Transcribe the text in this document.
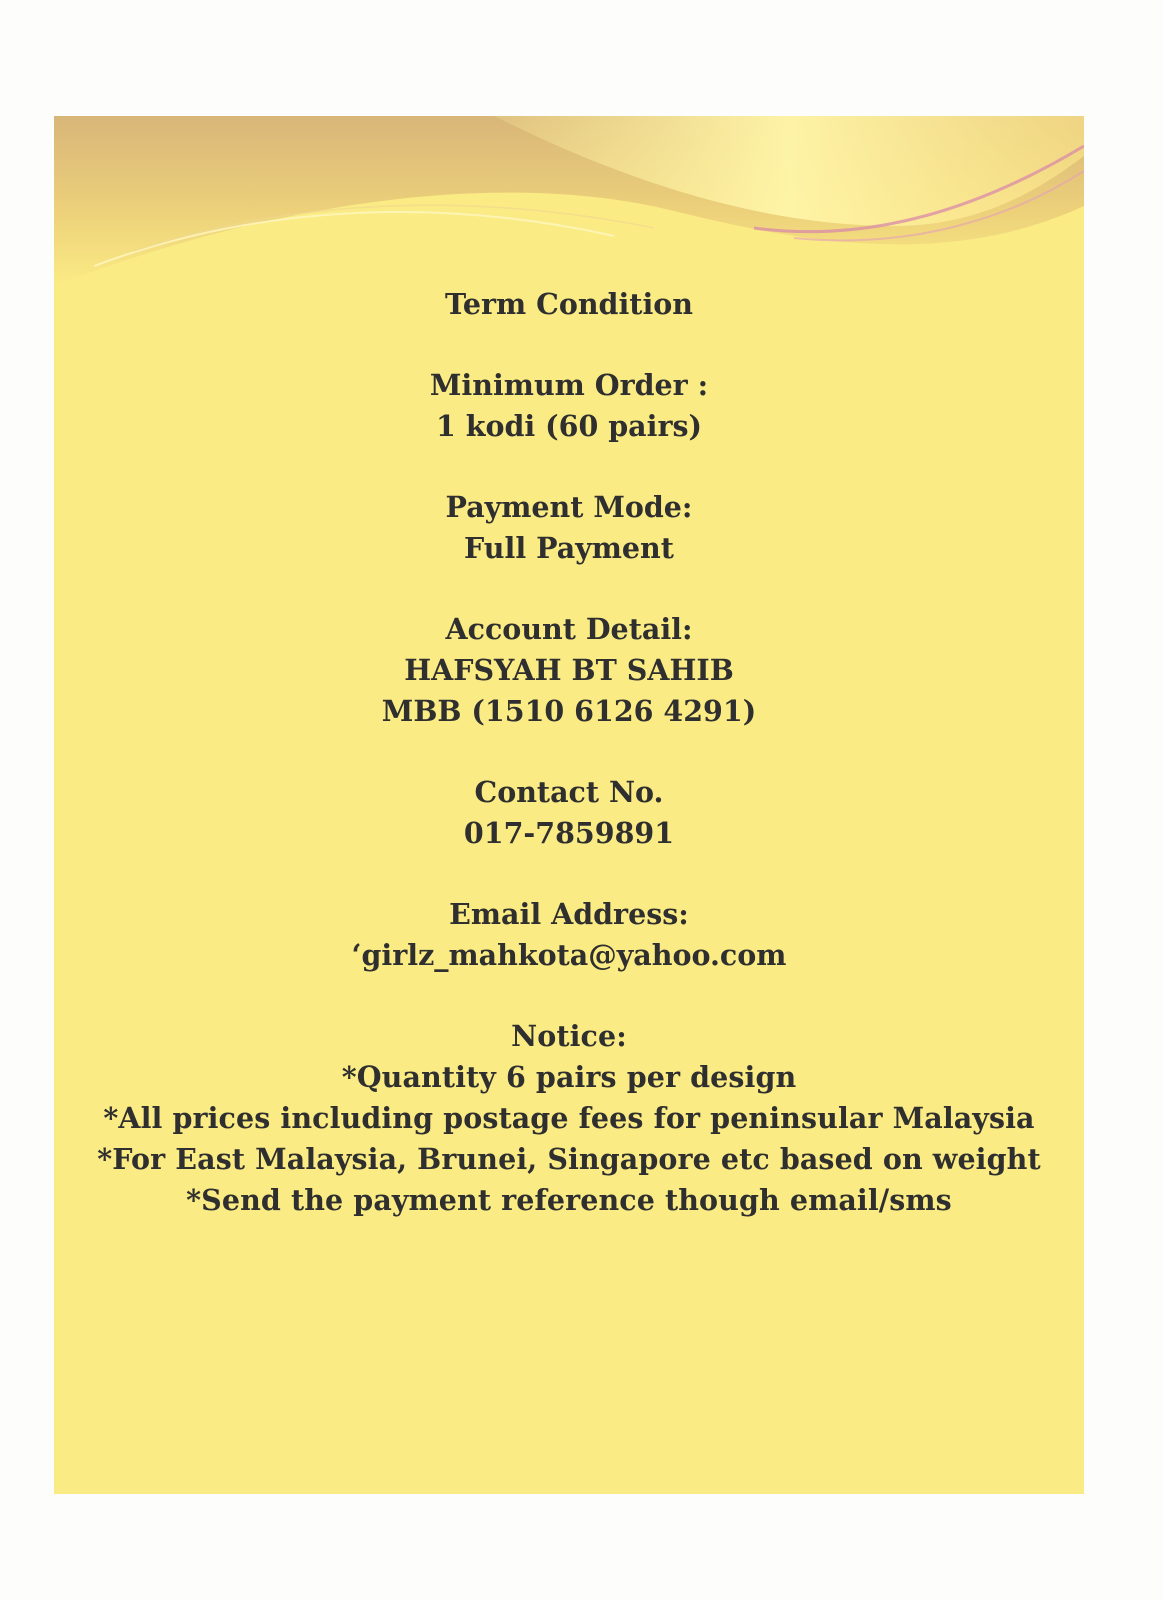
Term Condition

Minimum Order :

1 kodi (60 pairs)

Payment Mode:

Full Payment

Account Detail:

HAFSYAH BT SAHIB

MBB (1510 6126 4291)

Contact No.

017-7859891

Email Address:

‘girlz_mahkota@yahoo.com

Notice:

*Quantity 6 pairs per design

*All prices including postage fees for peninsular Malaysia

*For East Malaysia, Brunei, Singapore etc based on weight

*Send the payment reference though email/sms
